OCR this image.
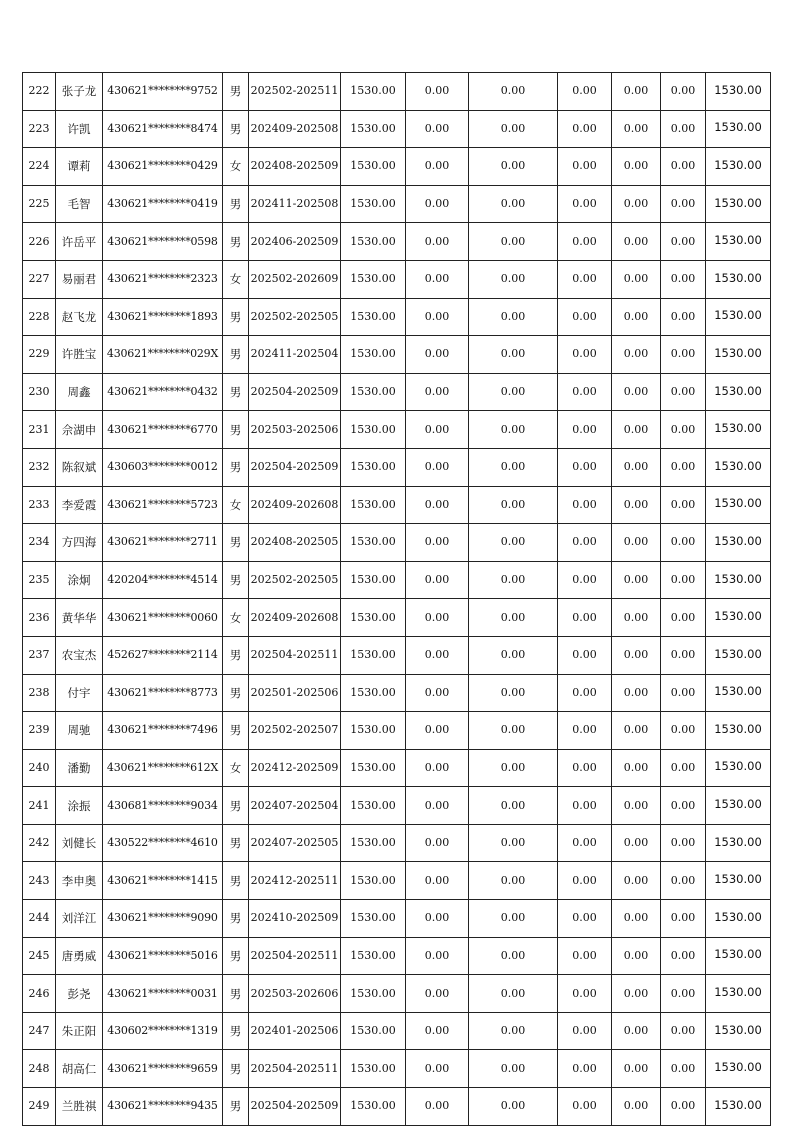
222	张子龙	430621********9752	男	202502-202511	1530.00	0.00	0.00	0.00	0.00	0.00	1530.00
223	许凯	430621********8474	男	202409-202508	1530.00	0.00	0.00	0.00	0.00	0.00	1530.00
224	谭莉	430621********0429	女	202408-202509	1530.00	0.00	0.00	0.00	0.00	0.00	1530.00
225	毛智	430621********0419	男	202411-202508	1530.00	0.00	0.00	0.00	0.00	0.00	1530.00
226	许岳平	430621********0598	男	202406-202509	1530.00	0.00	0.00	0.00	0.00	0.00	1530.00
227	易丽君	430621********2323	女	202502-202609	1530.00	0.00	0.00	0.00	0.00	0.00	1530.00
228	赵飞龙	430621********1893	男	202502-202505	1530.00	0.00	0.00	0.00	0.00	0.00	1530.00
229	许胜宝	430621********029X	男	202411-202504	1530.00	0.00	0.00	0.00	0.00	0.00	1530.00
230	周鑫	430621********0432	男	202504-202509	1530.00	0.00	0.00	0.00	0.00	0.00	1530.00
231	佘湖申	430621********6770	男	202503-202506	1530.00	0.00	0.00	0.00	0.00	0.00	1530.00
232	陈叙斌	430603********0012	男	202504-202509	1530.00	0.00	0.00	0.00	0.00	0.00	1530.00
233	李爱霞	430621********5723	女	202409-202608	1530.00	0.00	0.00	0.00	0.00	0.00	1530.00
234	方四海	430621********2711	男	202408-202505	1530.00	0.00	0.00	0.00	0.00	0.00	1530.00
235	涂炯	420204********4514	男	202502-202505	1530.00	0.00	0.00	0.00	0.00	0.00	1530.00
236	黄华华	430621********0060	女	202409-202608	1530.00	0.00	0.00	0.00	0.00	0.00	1530.00
237	农宝杰	452627********2114	男	202504-202511	1530.00	0.00	0.00	0.00	0.00	0.00	1530.00
238	付宇	430621********8773	男	202501-202506	1530.00	0.00	0.00	0.00	0.00	0.00	1530.00
239	周驰	430621********7496	男	202502-202507	1530.00	0.00	0.00	0.00	0.00	0.00	1530.00
240	潘勤	430621********612X	女	202412-202509	1530.00	0.00	0.00	0.00	0.00	0.00	1530.00
241	涂振	430681********9034	男	202407-202504	1530.00	0.00	0.00	0.00	0.00	0.00	1530.00
242	刘健长	430522********4610	男	202407-202505	1530.00	0.00	0.00	0.00	0.00	0.00	1530.00
243	李申奥	430621********1415	男	202412-202511	1530.00	0.00	0.00	0.00	0.00	0.00	1530.00
244	刘洋江	430621********9090	男	202410-202509	1530.00	0.00	0.00	0.00	0.00	0.00	1530.00
245	唐勇威	430621********5016	男	202504-202511	1530.00	0.00	0.00	0.00	0.00	0.00	1530.00
246	彭尧	430621********0031	男	202503-202606	1530.00	0.00	0.00	0.00	0.00	0.00	1530.00
247	朱正阳	430602********1319	男	202401-202506	1530.00	0.00	0.00	0.00	0.00	0.00	1530.00
248	胡高仁	430621********9659	男	202504-202511	1530.00	0.00	0.00	0.00	0.00	0.00	1530.00
249	兰胜祺	430621********9435	男	202504-202509	1530.00	0.00	0.00	0.00	0.00	0.00	1530.00
